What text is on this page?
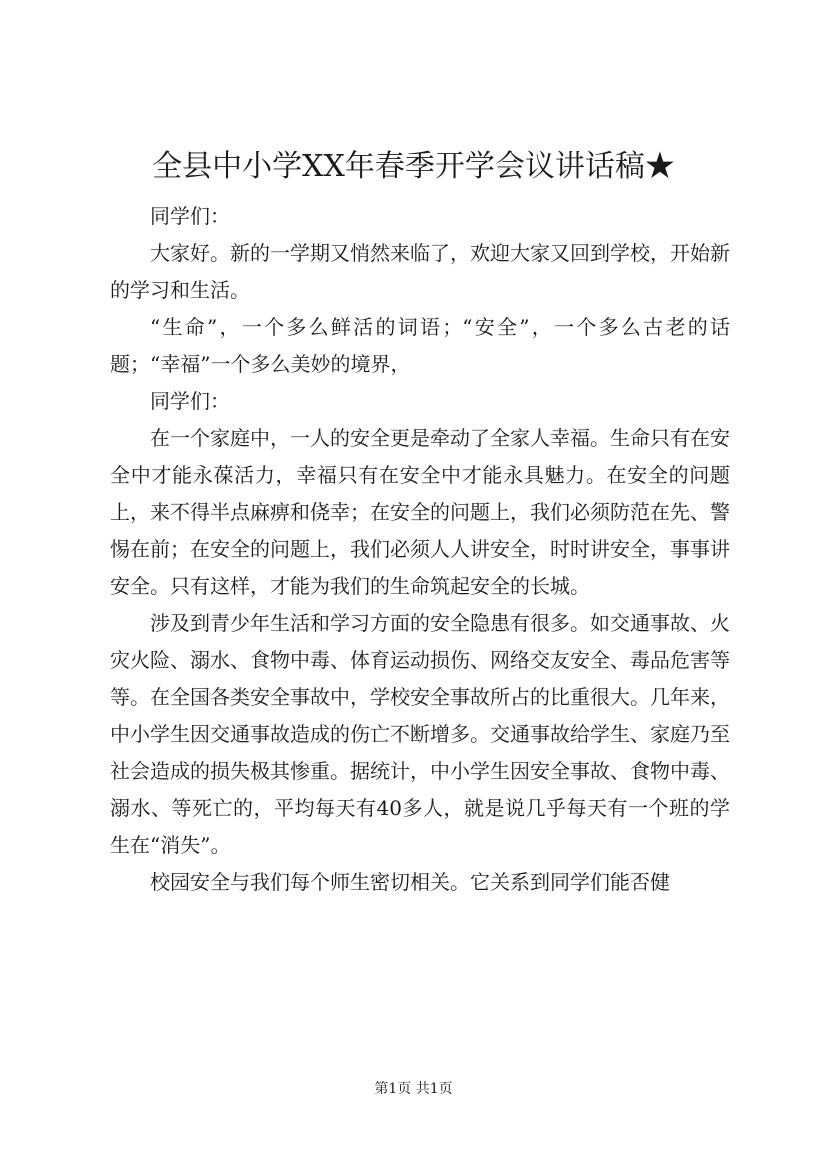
全县中小学XX年春季开学会议讲话稿★

同学们：

大家好。新的一学期又悄然来临了，欢迎大家又回到学校，开始新的学习和生活。

“生命”，一个多么鲜活的词语；“安全”，一个多么古老的话题；“幸福”一个多么美妙的境界，

同学们：

在一个家庭中，一人的安全更是牵动了全家人幸福。生命只有在安全中才能永葆活力，幸福只有在安全中才能永具魅力。在安全的问题上，来不得半点麻痹和侥幸；在安全的问题上，我们必须防范在先、警惕在前；在安全的问题上，我们必须人人讲安全，时时讲安全，事事讲安全。只有这样，才能为我们的生命筑起安全的长城。

涉及到青少年生活和学习方面的安全隐患有很多。如交通事故、火灾火险、溺水、食物中毒、体育运动损伤、网络交友安全、毒品危害等等。在全国各类安全事故中，学校安全事故所占的比重很大。几年来，中小学生因交通事故造成的伤亡不断增多。交通事故给学生、家庭乃至社会造成的损失极其惨重。据统计，中小学生因安全事故、食物中毒、溺水、等死亡的，平均每天有40多人，就是说几乎每天有一个班的学生在“消失”。

校园安全与我们每个师生密切相关。它关系到同学们能否健

第1页 共1页
